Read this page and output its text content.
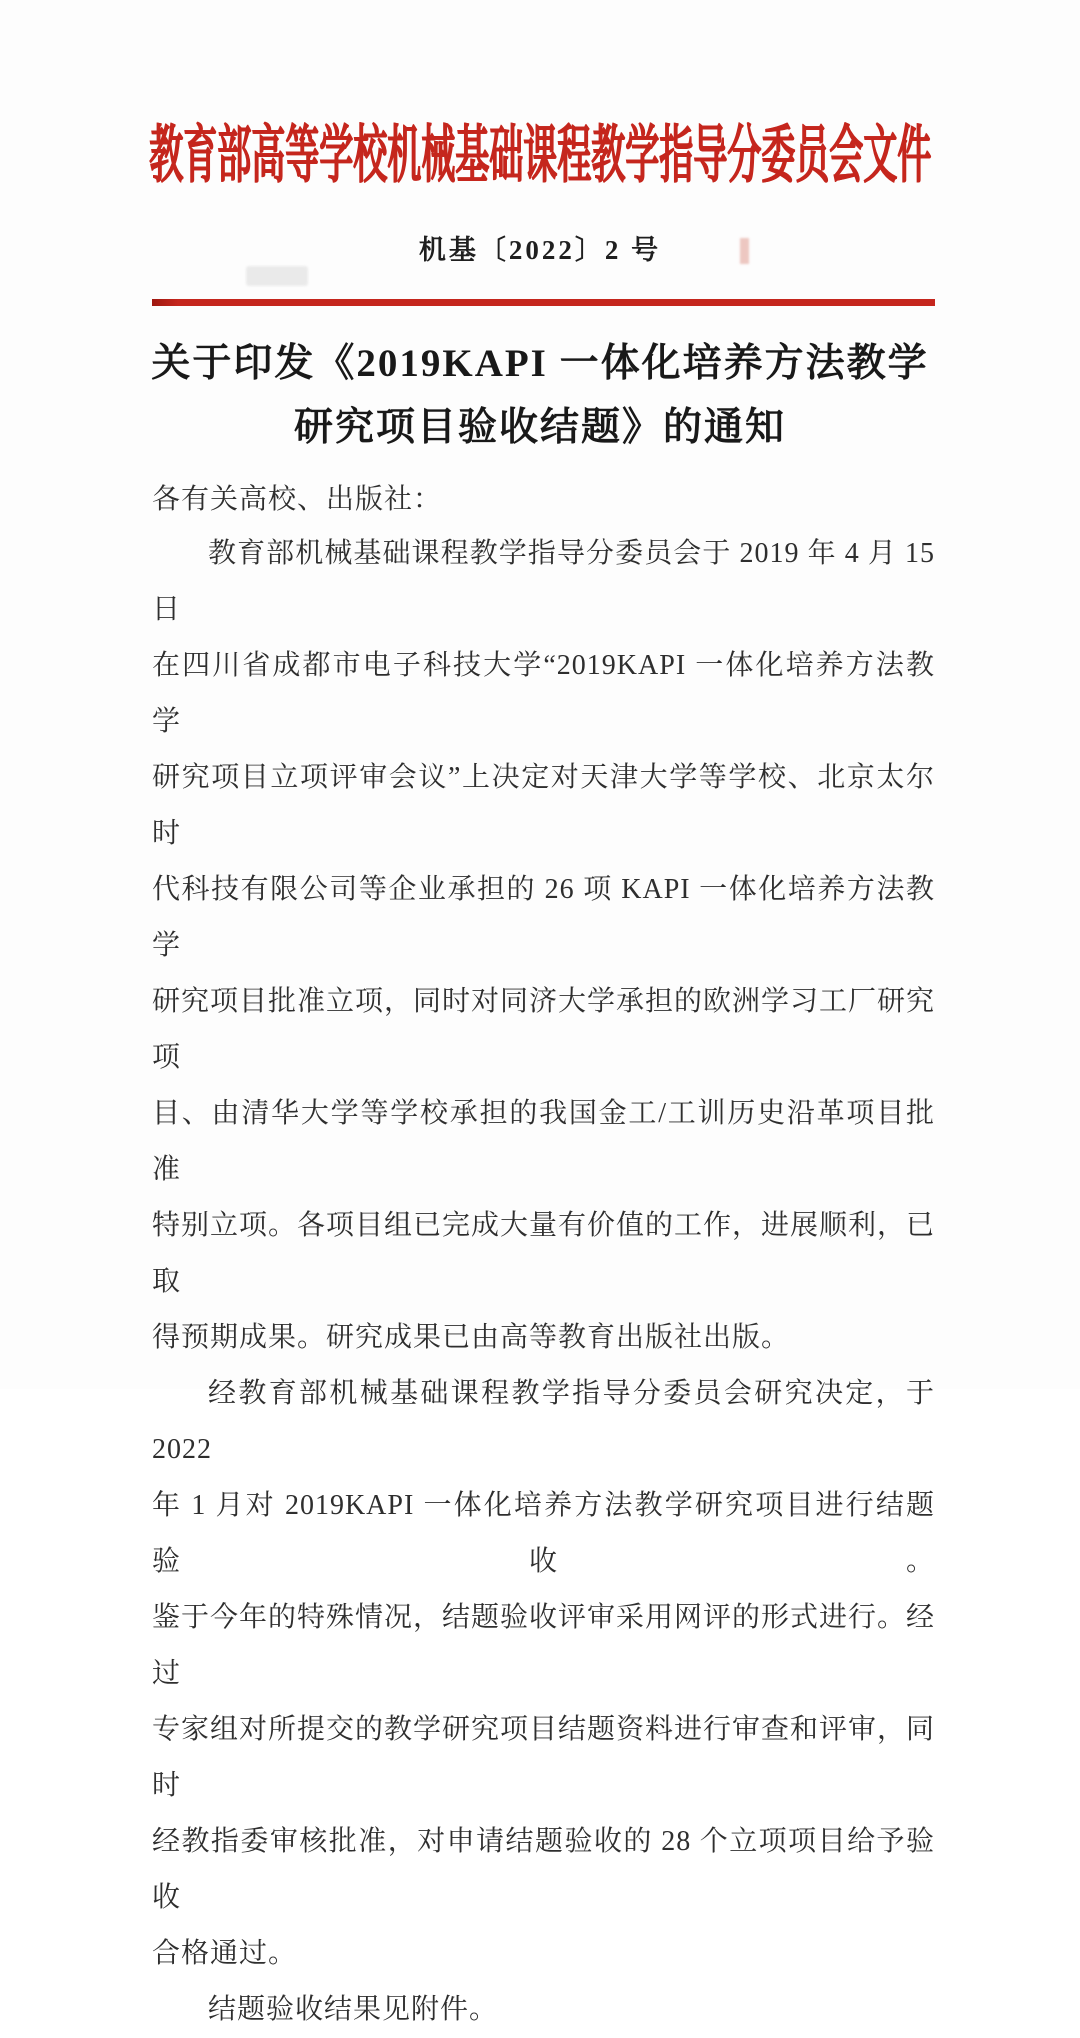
教育部高等学校机械基础课程教学指导分委员会文件
机基〔2022〕2 号
关于印发《2019KAPI 一体化培养方法教学
研究项目验收结题》的通知
各有关高校、出版社：
教育部机械基础课程教学指导分委员会于 2019 年 4 月 15 日
在四川省成都市电子科技大学“2019KAPI 一体化培养方法教学
研究项目立项评审会议”上决定对天津大学等学校、北京太尔时
代科技有限公司等企业承担的 26 项 KAPI 一体化培养方法教学
研究项目批准立项，同时对同济大学承担的欧洲学习工厂研究项
目、由清华大学等学校承担的我国金工/工训历史沿革项目批准
特别立项。各项目组已完成大量有价值的工作，进展顺利，已取
得预期成果。研究成果已由高等教育出版社出版。
经教育部机械基础课程教学指导分委员会研究决定，于 2022
年 1 月对 2019KAPI 一体化培养方法教学研究项目进行结题验收。
鉴于今年的特殊情况，结题验收评审采用网评的形式进行。经过
专家组对所提交的教学研究项目结题资料进行审查和评审，同时
经教指委审核批准，对申请结题验收的 28 个立项项目给予验收
合格通过。
结题验收结果见附件。
